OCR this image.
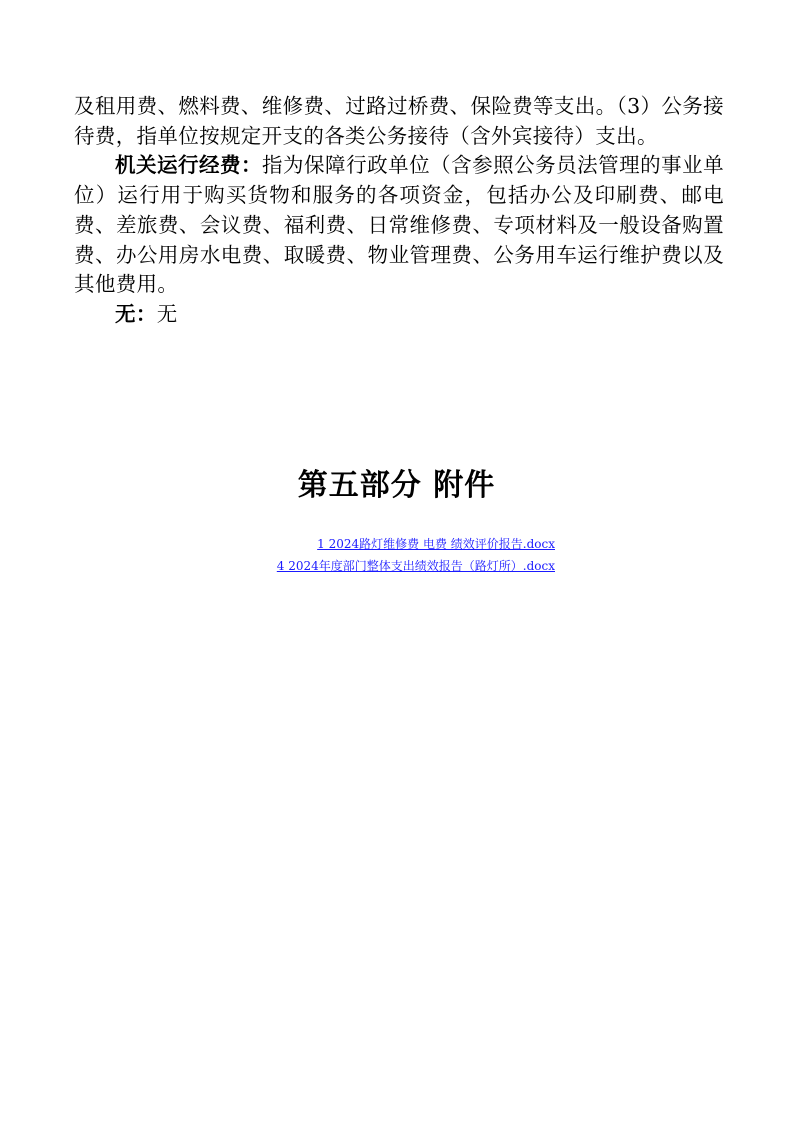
及租用费、燃料费、维修费、过路过桥费、保险费等支出。（3）公务接待费，指单位按规定开支的各类公务接待（含外宾接待）支出。

机关运行经费：指为保障行政单位（含参照公务员法管理的事业单位）运行用于购买货物和服务的各项资金，包括办公及印刷费、邮电费、差旅费、会议费、福利费、日常维修费、专项材料及一般设备购置费、办公用房水电费、取暖费、物业管理费、公务用车运行维护费以及其他费用。

无：无

第五部分 附件
1 2024路灯维修费 电费 绩效评价报告.docx
4 2024年度部门整体支出绩效报告（路灯所）.docx
